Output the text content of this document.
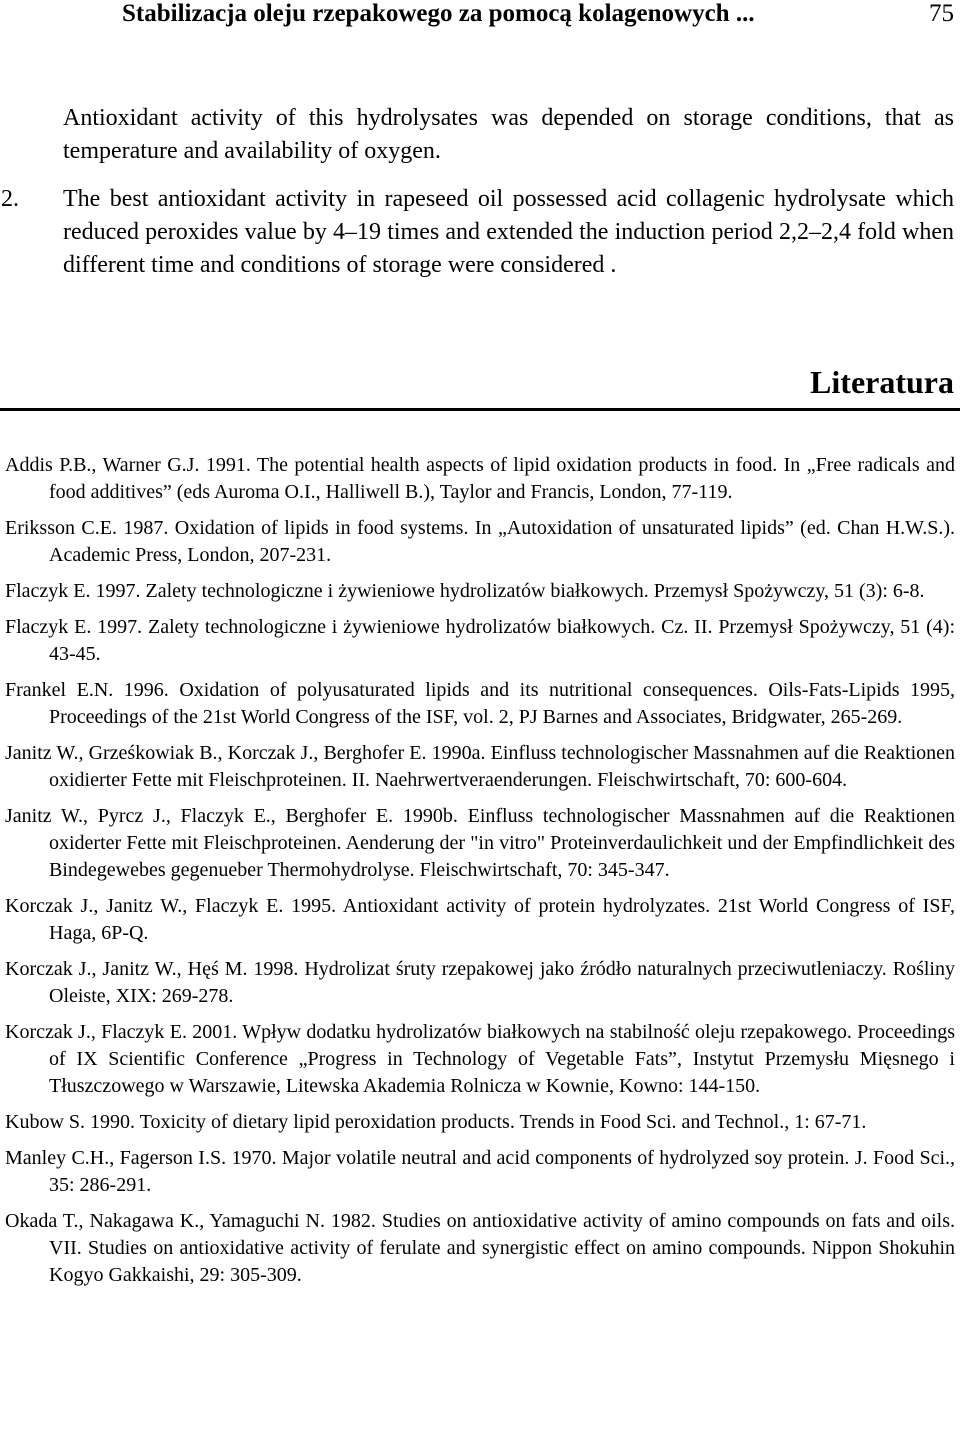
Stabilizacja oleju rzepakowego za pomocą kolagenowych ...	75
Antioxidant activity of this hydrolysates was depended on storage conditions, that as temperature and availability of oxygen.
2. The best antioxidant activity in rapeseed oil possessed acid collagenic hydrolysate which reduced peroxides value by 4–19 times and extended the induction period 2,2–2,4 fold when different time and conditions of storage were considered .
Literatura

Addis P.B., Warner G.J. 1991. The potential health aspects of lipid oxidation products in food. In „Free radicals and food additives” (eds Auroma O.I., Halliwell B.), Taylor and Francis, London, 77-119.

Eriksson C.E. 1987. Oxidation of lipids in food systems. In „Autoxidation of unsaturated lipids” (ed. Chan H.W.S.). Academic Press, London, 207-231.

Flaczyk E. 1997. Zalety technologiczne i żywieniowe hydrolizatów białkowych. Przemysł Spożywczy, 51 (3): 6-8.

Flaczyk E. 1997. Zalety technologiczne i żywieniowe hydrolizatów białkowych. Cz. II. Przemysł Spożywczy, 51 (4): 43-45.

Frankel E.N. 1996. Oxidation of polyusaturated lipids and its nutritional consequences. Oils-Fats-Lipids 1995, Proceedings of the 21st World Congress of the ISF, vol. 2, PJ Barnes and Associates, Bridgwater, 265-269.

Janitz W., Grześkowiak B., Korczak J., Berghofer E. 1990a. Einfluss technologischer Massnahmen auf die Reaktionen oxidierter Fette mit Fleischproteinen. II. Naehrwertveraenderungen. Fleischwirtschaft, 70: 600-604.

Janitz W., Pyrcz J., Flaczyk E., Berghofer E. 1990b. Einfluss technologischer Massnahmen auf die Reaktionen oxiderter Fette mit Fleischproteinen. Aenderung der "in vitro" Proteinverdaulichkeit und der Empfindlichkeit des Bindegewebes gegenueber Thermohydrolyse. Fleischwirtschaft, 70: 345-347.

Korczak J., Janitz W., Flaczyk E. 1995. Antioxidant activity of protein hydrolyzates. 21st World Congress of ISF, Haga, 6P-Q.

Korczak J., Janitz W., Hęś M. 1998. Hydrolizat śruty rzepakowej jako źródło naturalnych przeciwutleniaczy. Rośliny Oleiste, XIX: 269-278.

Korczak J., Flaczyk E. 2001. Wpływ dodatku hydrolizatów białkowych na stabilność oleju rzepakowego. Proceedings of IX Scientific Conference „Progress in Technology of Vegetable Fats”, Instytut Przemysłu Mięsnego i Tłuszczowego w Warszawie, Litewska Akademia Rolnicza w Kownie, Kowno: 144-150.

Kubow S. 1990. Toxicity of dietary lipid peroxidation products. Trends in Food Sci. and Technol., 1: 67-71.

Manley C.H., Fagerson I.S. 1970. Major volatile neutral and acid components of hydrolyzed soy protein. J. Food Sci., 35: 286-291.

Okada T., Nakagawa K., Yamaguchi N. 1982. Studies on antioxidative activity of amino compounds on fats and oils. VII. Studies on antioxidative activity of ferulate and synergistic effect on amino compounds. Nippon Shokuhin Kogyo Gakkaishi, 29: 305-309.
